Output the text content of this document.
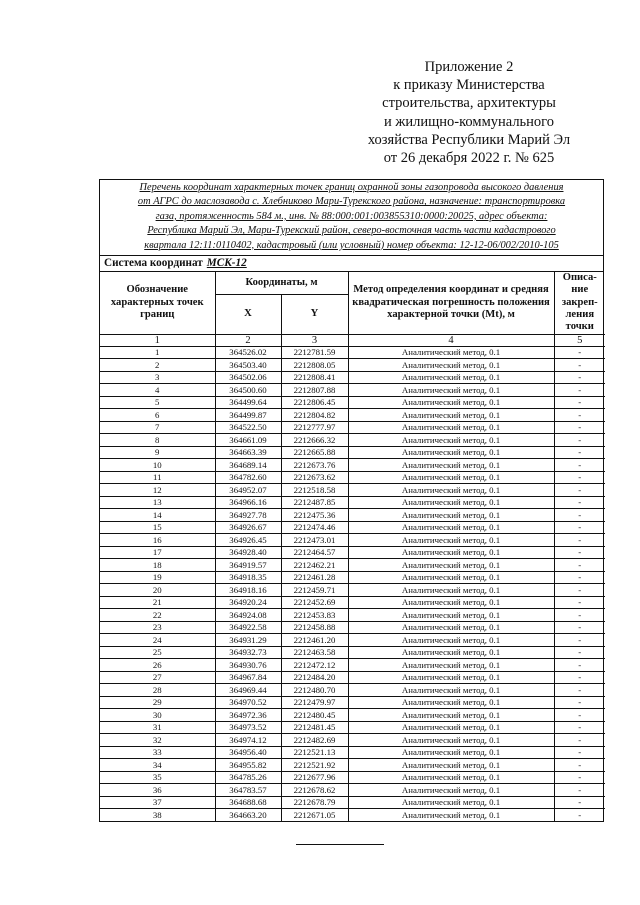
Приложение 2
к приказу Министерства
строительства, архитектуры
и жилищно-коммунального
хозяйства Республики Марий Эл
от 26 декабря 2022 г. № 625
Перечень координат характерных точек границ охранной зоны газопровода высокого давления
от АГРС до маслозавода с. Хлебниково Мари-Турекского района, назначение: транспортировка
газа, протяженность 584 м., инв. № 88:000:001:003855310:0000:20025, адрес объекта:
Республика Марий Эл, Мари-Турекский район, северо-восточная часть части кадастрового
квартала 12:11:0110402, кадастровый (или условный) номер объекта: 12-12-06/002/2010-105
Система координат МСК-12
Обозначение характерных точек границ	Координаты, м		Метод определения координат и средняя квадратическая погрешность положения характерной точки (Mt), м	Описа-ние закреп-ления точки
	X	Y		
1	2	3	4	5
1	364526.02	2212781.59	Аналитический метод, 0.1	-
2	364503.40	2212808.05	Аналитический метод, 0.1	-
3	364502.06	2212808.41	Аналитический метод, 0.1	-
4	364500.60	2212807.88	Аналитический метод, 0.1	-
5	364499.64	2212806.45	Аналитический метод, 0.1	-
6	364499.87	2212804.82	Аналитический метод, 0.1	-
7	364522.50	2212777.97	Аналитический метод, 0.1	-
8	364661.09	2212666.32	Аналитический метод, 0.1	-
9	364663.39	2212665.88	Аналитический метод, 0.1	-
10	364689.14	2212673.76	Аналитический метод, 0.1	-
11	364782.60	2212673.62	Аналитический метод, 0.1	-
12	364952.07	2212518.58	Аналитический метод, 0.1	-
13	364966.16	2212487.85	Аналитический метод, 0.1	-
14	364927.78	2212475.36	Аналитический метод, 0.1	-
15	364926.67	2212474.46	Аналитический метод, 0.1	-
16	364926.45	2212473.01	Аналитический метод, 0.1	-
17	364928.40	2212464.57	Аналитический метод, 0.1	-
18	364919.57	2212462.21	Аналитический метод, 0.1	-
19	364918.35	2212461.28	Аналитический метод, 0.1	-
20	364918.16	2212459.71	Аналитический метод, 0.1	-
21	364920.24	2212452.69	Аналитический метод, 0.1	-
22	364924.08	2212453.83	Аналитический метод, 0.1	-
23	364922.58	2212458.88	Аналитический метод, 0.1	-
24	364931.29	2212461.20	Аналитический метод, 0.1	-
25	364932.73	2212463.58	Аналитический метод, 0.1	-
26	364930.76	2212472.12	Аналитический метод, 0.1	-
27	364967.84	2212484.20	Аналитический метод, 0.1	-
28	364969.44	2212480.70	Аналитический метод, 0.1	-
29	364970.52	2212479.97	Аналитический метод, 0.1	-
30	364972.36	2212480.45	Аналитический метод, 0.1	-
31	364973.52	2212481.45	Аналитический метод, 0.1	-
32	364974.12	2212482.69	Аналитический метод, 0.1	-
33	364956.40	2212521.13	Аналитический метод, 0.1	-
34	364955.82	2212521.92	Аналитический метод, 0.1	-
35	364785.26	2212677.96	Аналитический метод, 0.1	-
36	364783.57	2212678.62	Аналитический метод, 0.1	-
37	364688.68	2212678.79	Аналитический метод, 0.1	-
38	364663.20	2212671.05	Аналитический метод, 0.1	-
